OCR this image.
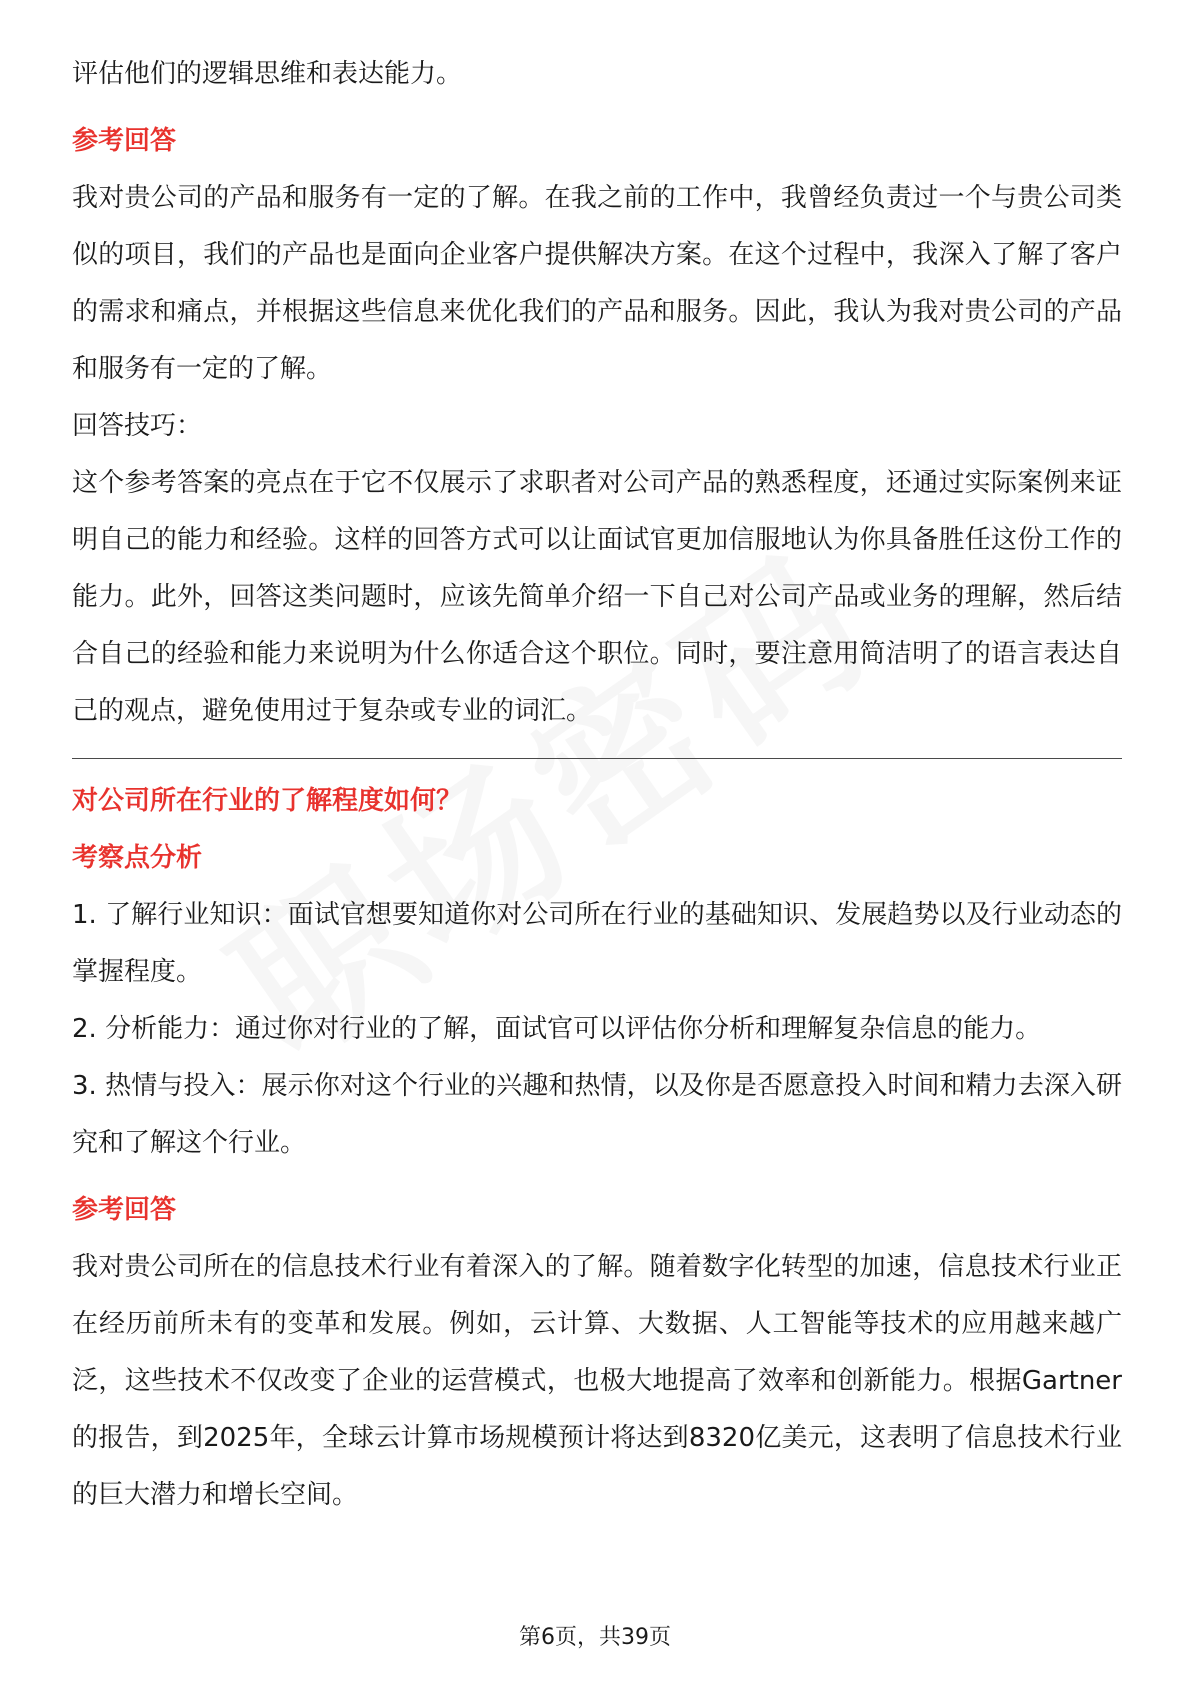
评估他们的逻辑思维和表达能力。

参考回答

我对贵公司的产品和服务有一定的了解。在我之前的工作中，我曾经负责过一个与贵公司类似的项目，我们的产品也是面向企业客户提供解决方案。在这个过程中，我深入了解了客户的需求和痛点，并根据这些信息来优化我们的产品和服务。因此，我认为我对贵公司的产品和服务有一定的了解。

回答技巧：

这个参考答案的亮点在于它不仅展示了求职者对公司产品的熟悉程度，还通过实际案例来证明自己的能力和经验。这样的回答方式可以让面试官更加信服地认为你具备胜任这份工作的能力。此外，回答这类问题时，应该先简单介绍一下自己对公司产品或业务的理解，然后结合自己的经验和能力来说明为什么你适合这个职位。同时，要注意用简洁明了的语言表达自己的观点，避免使用过于复杂或专业的词汇。

对公司所在行业的了解程度如何？

考察点分析

1. 了解行业知识：面试官想要知道你对公司所在行业的基础知识、发展趋势以及行业动态的掌握程度。

2. 分析能力：通过你对行业的了解，面试官可以评估你分析和理解复杂信息的能力。

3. 热情与投入：展示你对这个行业的兴趣和热情，以及你是否愿意投入时间和精力去深入研究和了解这个行业。

参考回答

我对贵公司所在的信息技术行业有着深入的了解。随着数字化转型的加速，信息技术行业正在经历前所未有的变革和发展。例如，云计算、大数据、人工智能等技术的应用越来越广泛，这些技术不仅改变了企业的运营模式，也极大地提高了效率和创新能力。根据Gartner的报告，到2025年，全球云计算市场规模预计将达到8320亿美元，这表明了信息技术行业的巨大潜力和增长空间。

第6页，共39页
